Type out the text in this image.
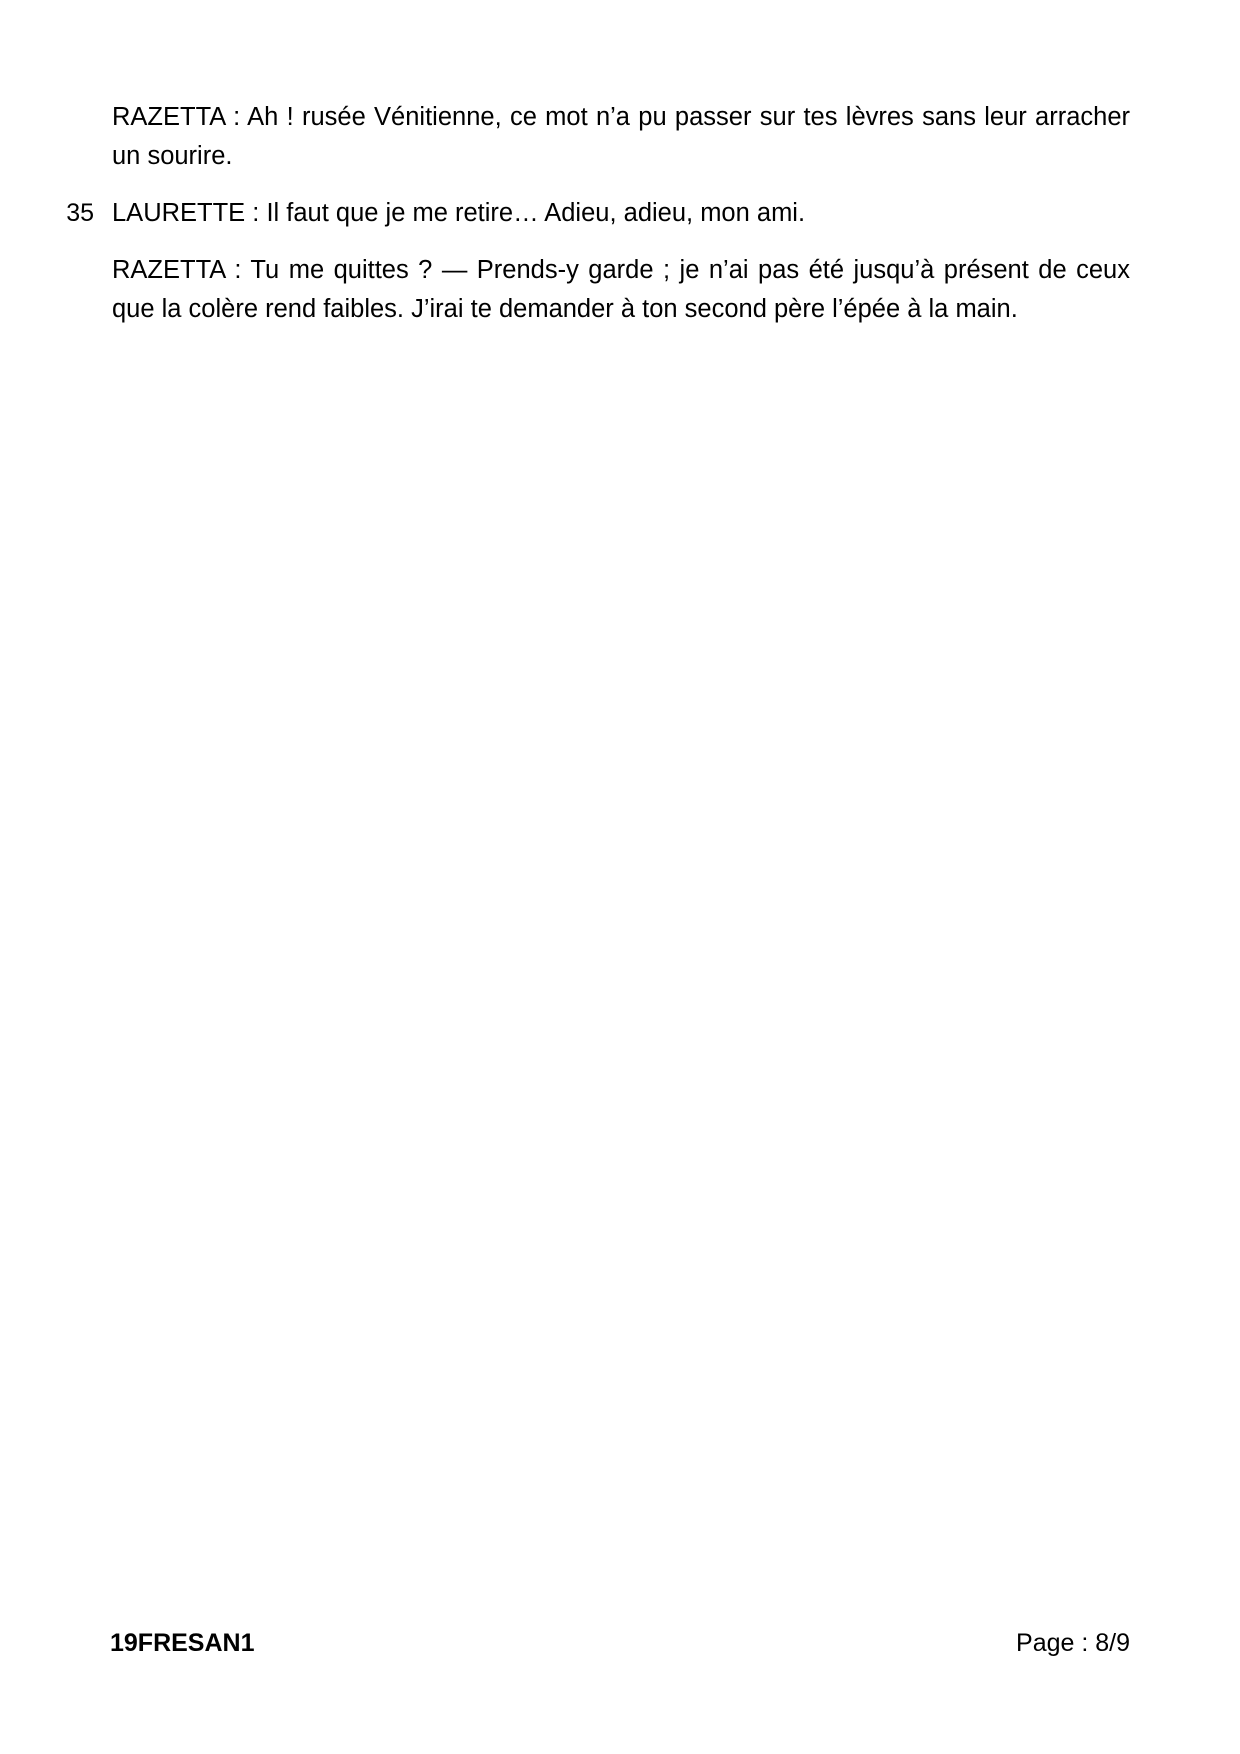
RAZETTA : Ah ! rusée Vénitienne, ce mot n’a pu passer sur tes lèvres sans leur arracher un sourire.

35 LAURETTE : Il faut que je me retire… Adieu, adieu, mon ami.

RAZETTA : Tu me quittes ? — Prends-y garde ; je n’ai pas été jusqu’à présent de ceux que la colère rend faibles. J’irai te demander à ton second père l’épée à la main.

19FRESAN1	Page : 8/9
